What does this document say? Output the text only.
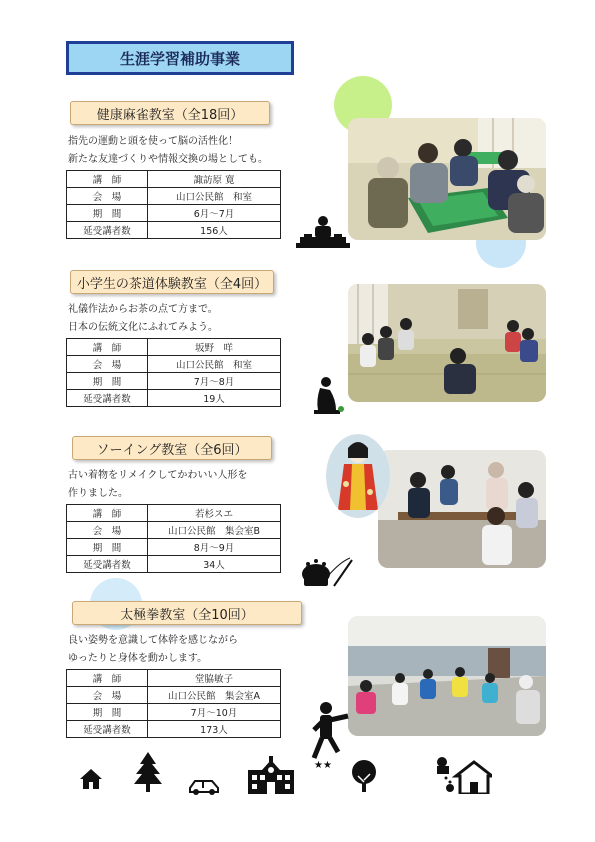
生涯学習補助事業
健康麻雀教室（全18回）
指先の運動と頭を使って脳の活性化！
新たな友達づくりや情報交換の場としても。
講　師	諏訪原 寛
会　場	山口公民館　和室
期　間	6月～7月
延受講者数	156人
小学生の茶道体験教室（全4回）
礼儀作法からお茶の点て方まで。
日本の伝統文化にふれてみよう。
講　師	坂野　咩
会　場	山口公民館　和室
期　間	7月～8月
延受講者数	19人
ソーイング教室（全6回）
古い着物をリメイクしてかわいい人形を
作りました。
講　師	若杉スエ
会　場	山口公民館　集会室B
期　間	8月～9月
延受講者数	34人
太極拳教室（全10回）
良い姿勢を意識して体幹を感じながら
ゆったりと身体を動かします。
講　師	堂脇敏子
会　場	山口公民館　集会室A
期　間	7月～10月
延受講者数	173人
★★
